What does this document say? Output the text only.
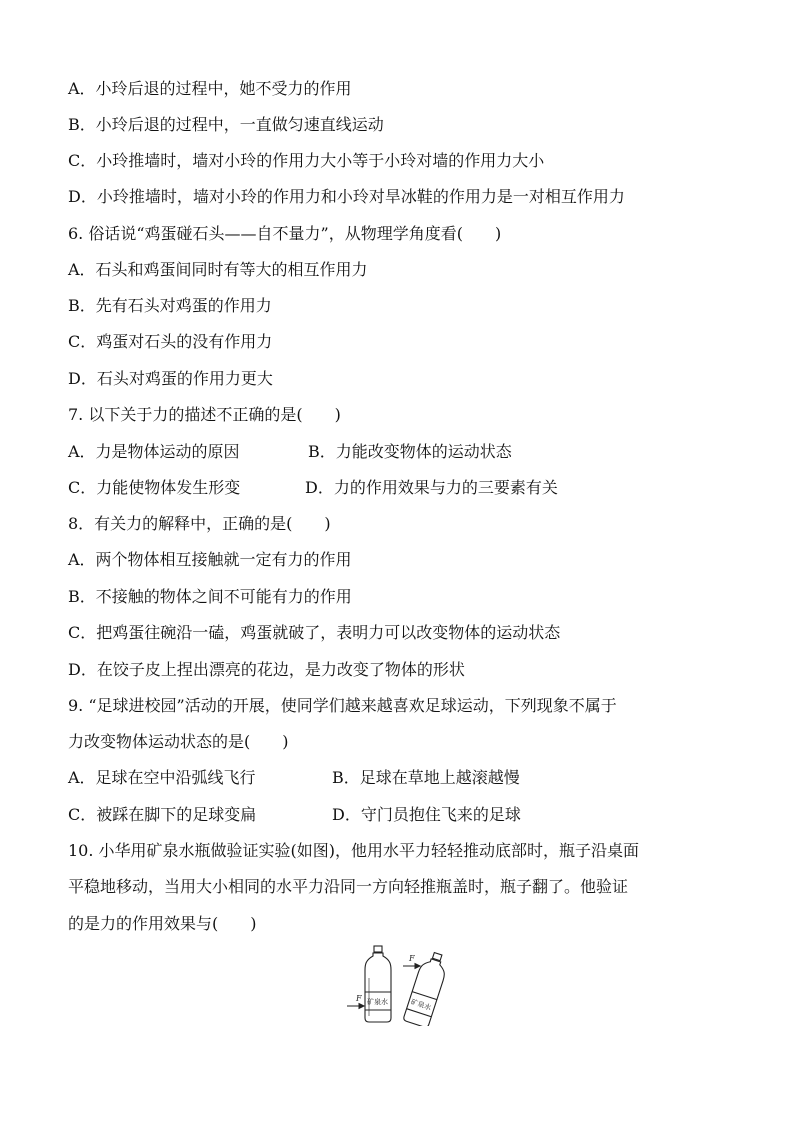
A．小玲后退的过程中，她不受力的作用
B．小玲后退的过程中，一直做匀速直线运动
C．小玲推墙时，墙对小玲的作用力大小等于小玲对墙的作用力大小
D．小玲推墙时，墙对小玲的作用力和小玲对旱冰鞋的作用力是一对相互作用力
6. 俗话说“鸡蛋碰石头——自不量力”，从物理学角度看(　　)
A．石头和鸡蛋间同时有等大的相互作用力
B．先有石头对鸡蛋的作用力
C．鸡蛋对石头的没有作用力
D．石头对鸡蛋的作用力更大
7. 以下关于力的描述不正确的是(　　)
A．力是物体运动的原因	B．力能改变物体的运动状态
C．力能使物体发生形变	D．力的作用效果与力的三要素有关
8．有关力的解释中，正确的是(　　)
A．两个物体相互接触就一定有力的作用
B．不接触的物体之间不可能有力的作用
C．把鸡蛋往碗沿一磕，鸡蛋就破了，表明力可以改变物体的运动状态
D．在饺子皮上捏出漂亮的花边，是力改变了物体的形状
9. “足球进校园”活动的开展，使同学们越来越喜欢足球运动，下列现象不属于
力改变物体运动状态的是(　　)
A．足球在空中沿弧线飞行	B．足球在草地上越滚越慢
C．被踩在脚下的足球变扁	D．守门员抱住飞来的足球
10. 小华用矿泉水瓶做验证实验(如图)，他用水平力轻轻推动底部时，瓶子沿桌面
平稳地移动，当用大小相同的水平力沿同一方向轻推瓶盖时，瓶子翻了。他验证
的是力的作用效果与(　　)
矿泉水
F	矿泉水
F
